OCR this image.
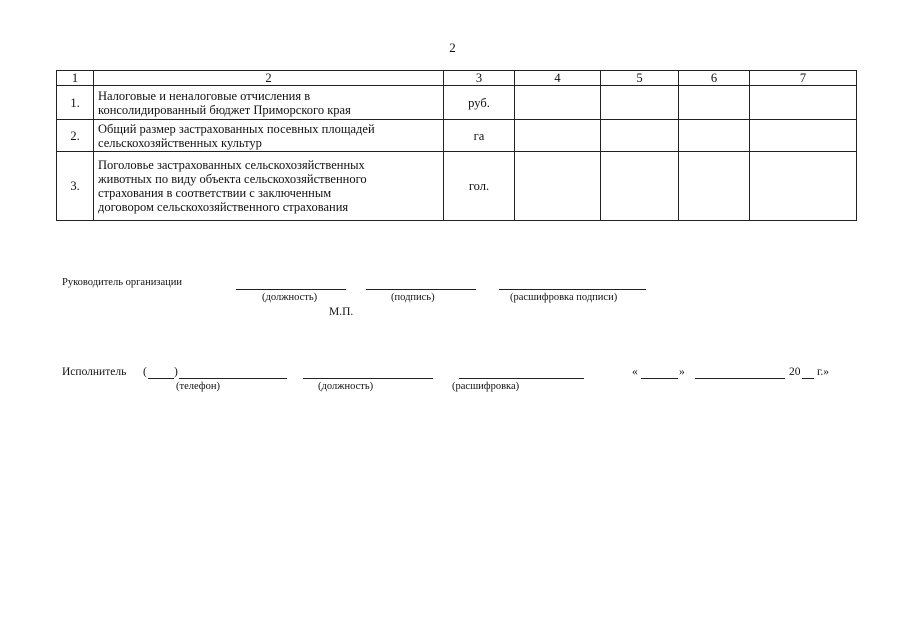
2
1	2	3	4	5	6	7
1.	Налоговые и неналоговые отчисления в
консолидированный бюджет Приморского края	руб.				
2.	Общий размер застрахованных посевных площадей
сельскохозяйственных культур	га				
3.	Поголовье застрахованных сельскохозяйственных
животных по виду объекта сельскохозяйственного
страхования в соответствии с заключенным
договором сельскохозяйственного страхования	гол.				
Руководитель организации
(должность)	(подпись)	(расшифровка подписи)
М.П.
Исполнитель ( )
(телефон)	(должность)	(расшифровка)
«	»	20 г.»
